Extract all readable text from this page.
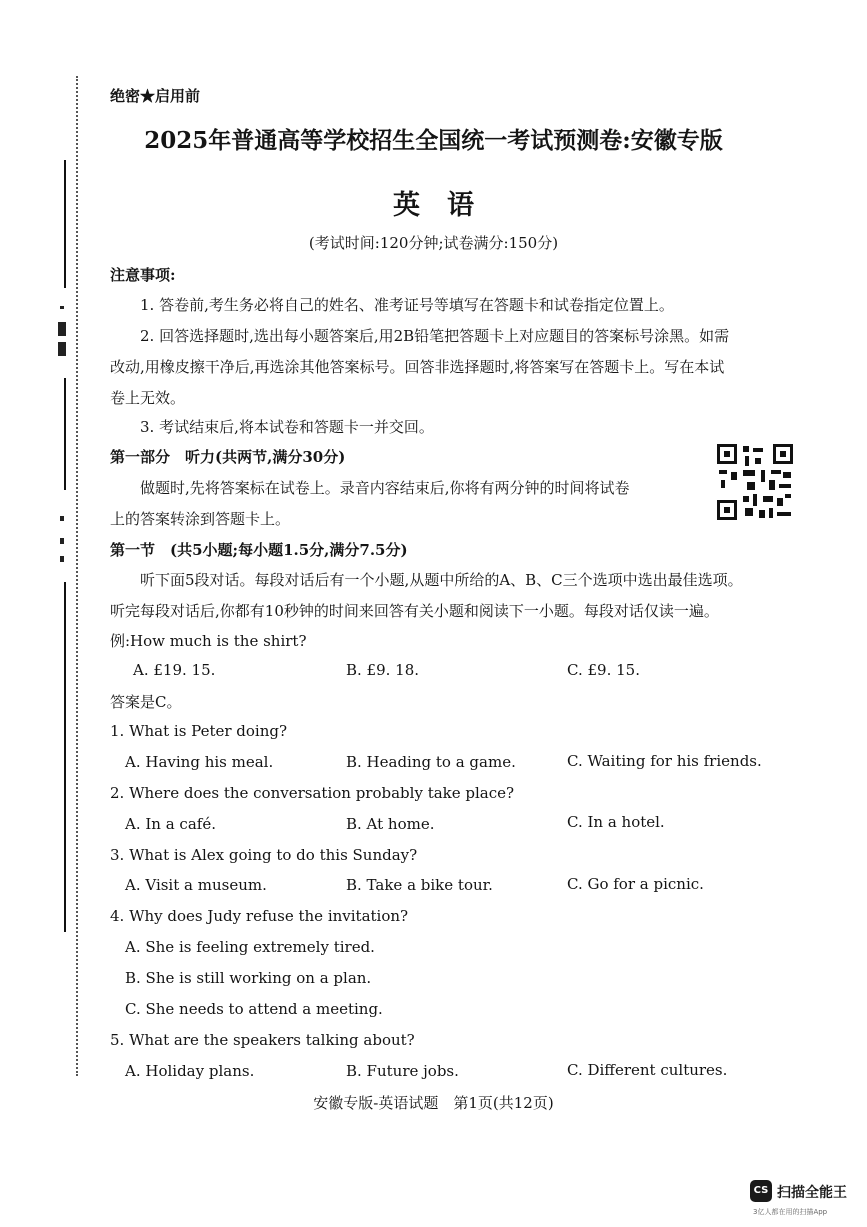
绝密★启用前
2025年普通高等学校招生全国统一考试预测卷:安徽专版
英　语
(考试时间:120分钟;试卷满分:150分)
注意事项:
1. 答卷前,考生务必将自己的姓名、准考证号等填写在答题卡和试卷指定位置上。
2. 回答选择题时,选出每小题答案后,用2B铅笔把答题卡上对应题目的答案标号涂黑。如需
改动,用橡皮擦干净后,再选涂其他答案标号。回答非选择题时,将答案写在答题卡上。写在本试
卷上无效。
3. 考试结束后,将本试卷和答题卡一并交回。
第一部分　听力(共两节,满分30分)
做题时,先将答案标在试卷上。录音内容结束后,你将有两分钟的时间将试卷
上的答案转涂到答题卡上。
第一节　(共5小题;每小题1.5分,满分7.5分)
听下面5段对话。每段对话后有一个小题,从题中所给的A、B、C三个选项中选出最佳选项。
听完每段对话后,你都有10秒钟的时间来回答有关小题和阅读下一小题。每段对话仅读一遍。
例:How much is the shirt?
A. £19. 15.	B. £9. 18.	C. £9. 15.
答案是C。
1. What is Peter doing?
A. Having his meal.	B. Heading to a game.	C. Waiting for his friends.
2. Where does the conversation probably take place?
A. In a café.	B. At home.	C. In a hotel.
3. What is Alex going to do this Sunday?
A. Visit a museum.	B. Take a bike tour.	C. Go for a picnic.
4. Why does Judy refuse the invitation?
A. She is feeling extremely tired.
B. She is still working on a plan.
C. She needs to attend a meeting.
5. What are the speakers talking about?
A. Holiday plans.	B. Future jobs.	C. Different cultures.
安徽专版-英语试题　第1页(共12页)
CS 扫描全能王
3亿人都在用的扫描App
